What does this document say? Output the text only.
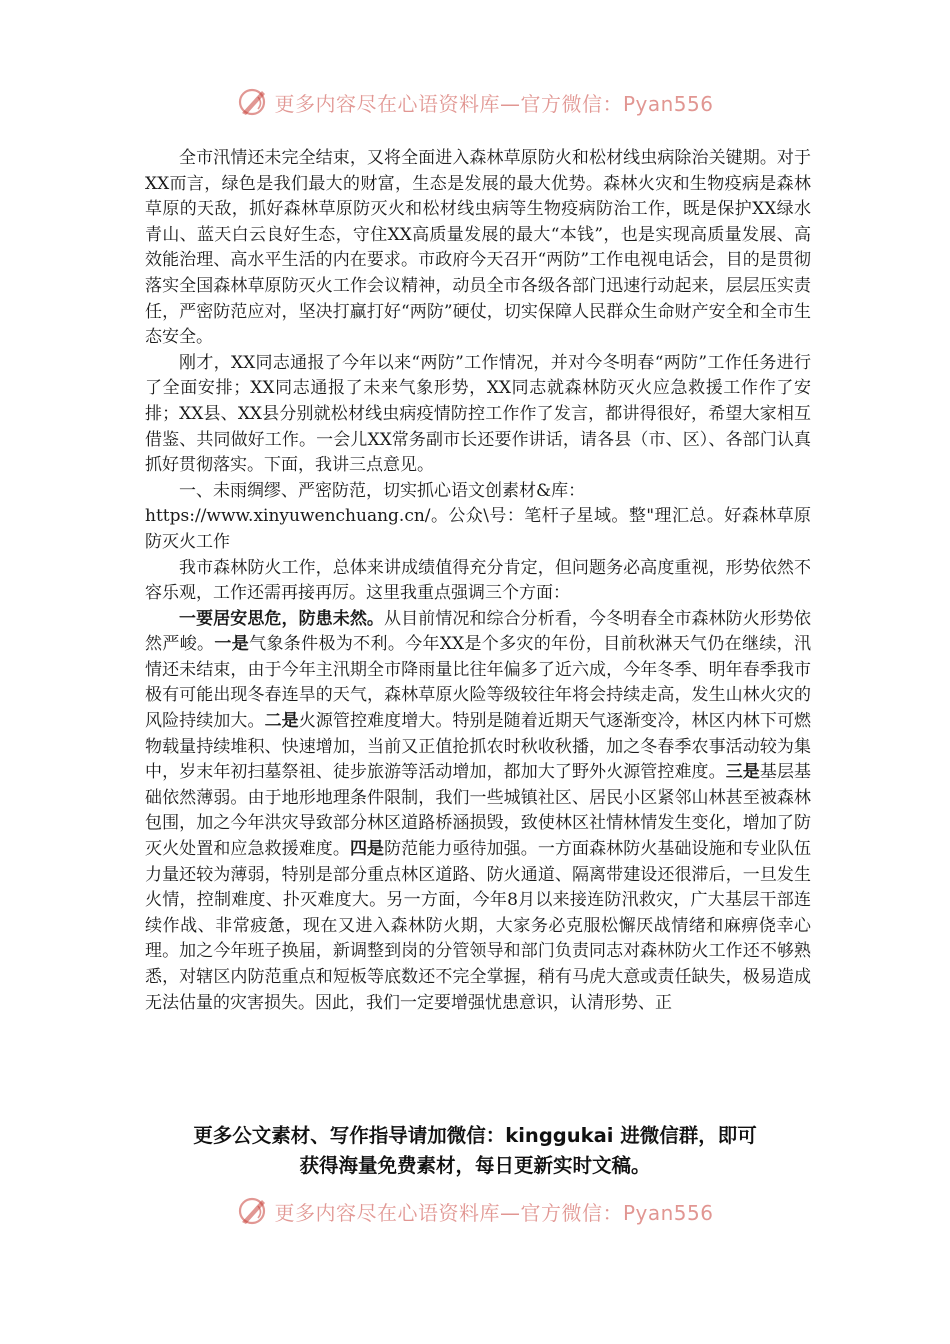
更多内容尽在心语资料库—官方微信：Pyan556

全市汛情还未完全结束，又将全面进入森林草原防火和松材线虫病除治关键期。对于XX而言，绿色是我们最大的财富，生态是发展的最大优势。森林火灾和生物疫病是森林草原的天敌，抓好森林草原防灭火和松材线虫病等生物疫病防治工作，既是保护XX绿水青山、蓝天白云良好生态，守住XX高质量发展的最大“本钱”，也是实现高质量发展、高效能治理、高水平生活的内在要求。市政府今天召开“两防”工作电视电话会，目的是贯彻落实全国森林草原防灭火工作会议精神，动员全市各级各部门迅速行动起来，层层压实责任，严密防范应对，坚决打赢打好“两防”硬仗，切实保障人民群众生命财产安全和全市生态安全。

刚才，XX同志通报了今年以来“两防”工作情况，并对今冬明春“两防”工作任务进行了全面安排；XX同志通报了未来气象形势，XX同志就森林防灭火应急救援工作作了安排；XX县、XX县分别就松材线虫病疫情防控工作作了发言，都讲得很好，希望大家相互借鉴、共同做好工作。一会儿XX常务副市长还要作讲话，请各县（市、区）、各部门认真抓好贯彻落实。下面，我讲三点意见。

一、未雨绸缪、严密防范，切实抓心语文创素材&库：

https://www.xinyuwenchuang.cn/。公众\号：笔杆子星域。整"理汇总。好森林草原防灭火工作

我市森林防火工作，总体来讲成绩值得充分肯定，但问题务必高度重视，形势依然不容乐观，工作还需再接再厉。这里我重点强调三个方面：

一要居安思危，防患未然。从目前情况和综合分析看，今冬明春全市森林防火形势依然严峻。一是气象条件极为不利。今年XX是个多灾的年份，目前秋淋天气仍在继续，汛情还未结束，由于今年主汛期全市降雨量比往年偏多了近六成，今年冬季、明年春季我市极有可能出现冬春连旱的天气，森林草原火险等级较往年将会持续走高，发生山林火灾的风险持续加大。二是火源管控难度增大。特别是随着近期天气逐渐变冷，林区内林下可燃物载量持续堆积、快速增加，当前又正值抢抓农时秋收秋播，加之冬春季农事活动较为集中，岁末年初扫墓祭祖、徒步旅游等活动增加，都加大了野外火源管控难度。三是基层基础依然薄弱。由于地形地理条件限制，我们一些城镇社区、居民小区紧邻山林甚至被森林包围，加之今年洪灾导致部分林区道路桥涵损毁，致使林区社情林情发生变化，增加了防灭火处置和应急救援难度。四是防范能力亟待加强。一方面森林防火基础设施和专业队伍力量还较为薄弱，特别是部分重点林区道路、防火通道、隔离带建设还很滞后，一旦发生火情，控制难度、扑灭难度大。另一方面，今年8月以来接连防汛救灾，广大基层干部连续作战、非常疲惫，现在又进入森林防火期，大家务必克服松懈厌战情绪和麻痹侥幸心理。加之今年班子换届，新调整到岗的分管领导和部门负责同志对森林防火工作还不够熟悉，对辖区内防范重点和短板等底数还不完全掌握，稍有马虎大意或责任缺失，极易造成无法估量的灾害损失。因此，我们一定要增强忧患意识，认清形势、正

更多公文素材、写作指导请加微信：kinggukai 进微信群，即可
获得海量免费素材，每日更新实时文稿。
更多内容尽在心语资料库—官方微信：Pyan556
